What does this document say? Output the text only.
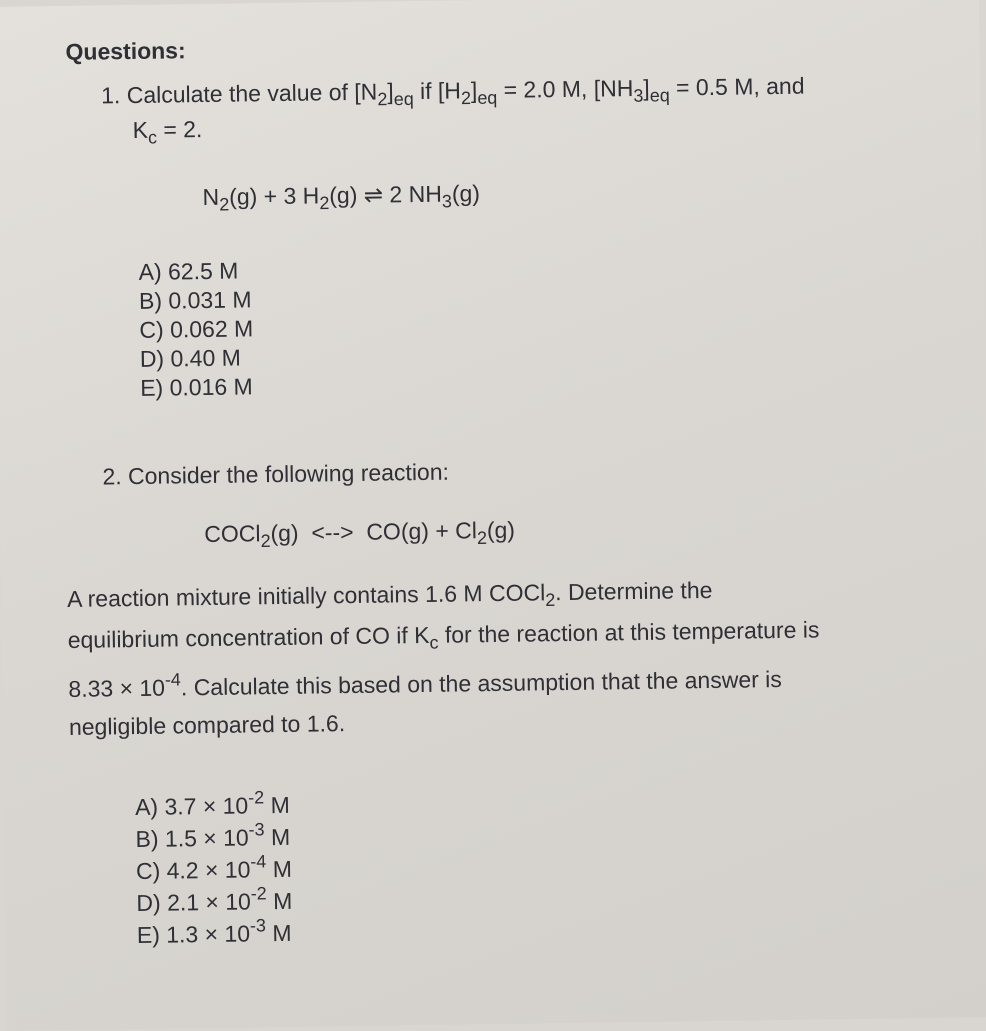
Questions:
1. Calculate the value of $[N_2]_{eq}$ if $[H_2]_{eq} = 2.0$ M, $[NH_3]_{eq} = 0.5$ M, and
$K_c = 2$.
$N_2(g) + 3$ $H_2(g)$ ⇌ 2 $NH_3(g)$
A) 62.5 M
B) 0.031 M
C) 0.062 M
D) 0.40 M
E) 0.016 M
2. Consider the following reaction:
COCl$_2$(g)  <-->  $CO(g) + Cl_2(g)$
A reaction mixture initially contains 1.6 M COCl$_2$. Determine the
equilibrium concentration of CO if $K_c$ for the reaction at this temperature is
$8.33 \times 10^{-4}$. Calculate this based on the assumption that the answer is
negligible compared to 1.6.
A) $3.7 \times 10^{-2}$ M
B) $1.5 \times 10^{-3}$ M
C) $4.2 \times 10^{-4}$ M
D) $2.1 \times 10^{-2}$ M
E) $1.3 \times 10^{-3}$ M
